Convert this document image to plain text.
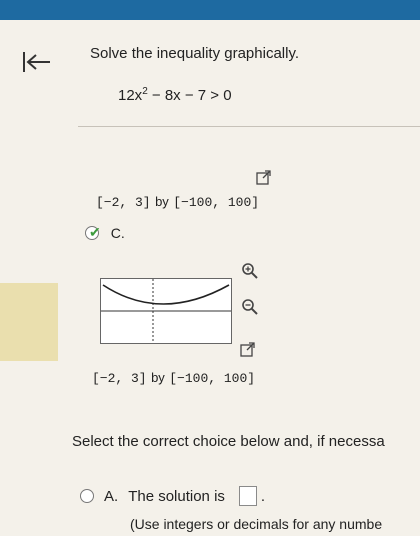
Solve the inequality graphically.
$12x^2 - 8x - 7 > 0$
[−2, 3] by [−100, 100]
✔ C.
[−2, 3] by [−100, 100]
Select the correct choice below and, if necessa
A. The solution is .
(Use integers or decimals for any numbe
